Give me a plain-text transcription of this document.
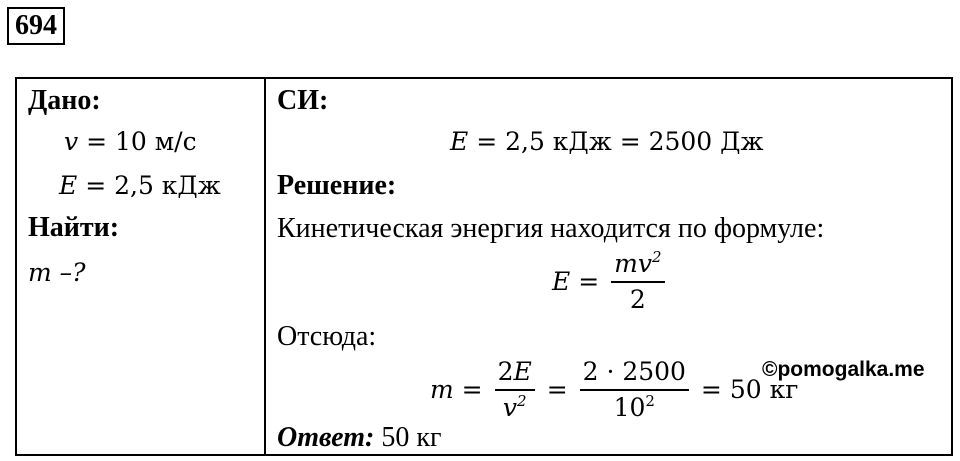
694
Дано:
v = 10 м/с
E = 2,5 кДж
Найти:
m –?
СИ:
E = 2,5 кДж = 2500 Дж
Решение:
Кинетическая энергия находится по формуле:
$E = \frac{mv^2}{2}$
Отсюда:
$m = \frac{2E}{v^2} = \frac{2 \cdot 2500}{10^2} = 50$ кг
Ответ: 50 кг
©pomogalka.me
